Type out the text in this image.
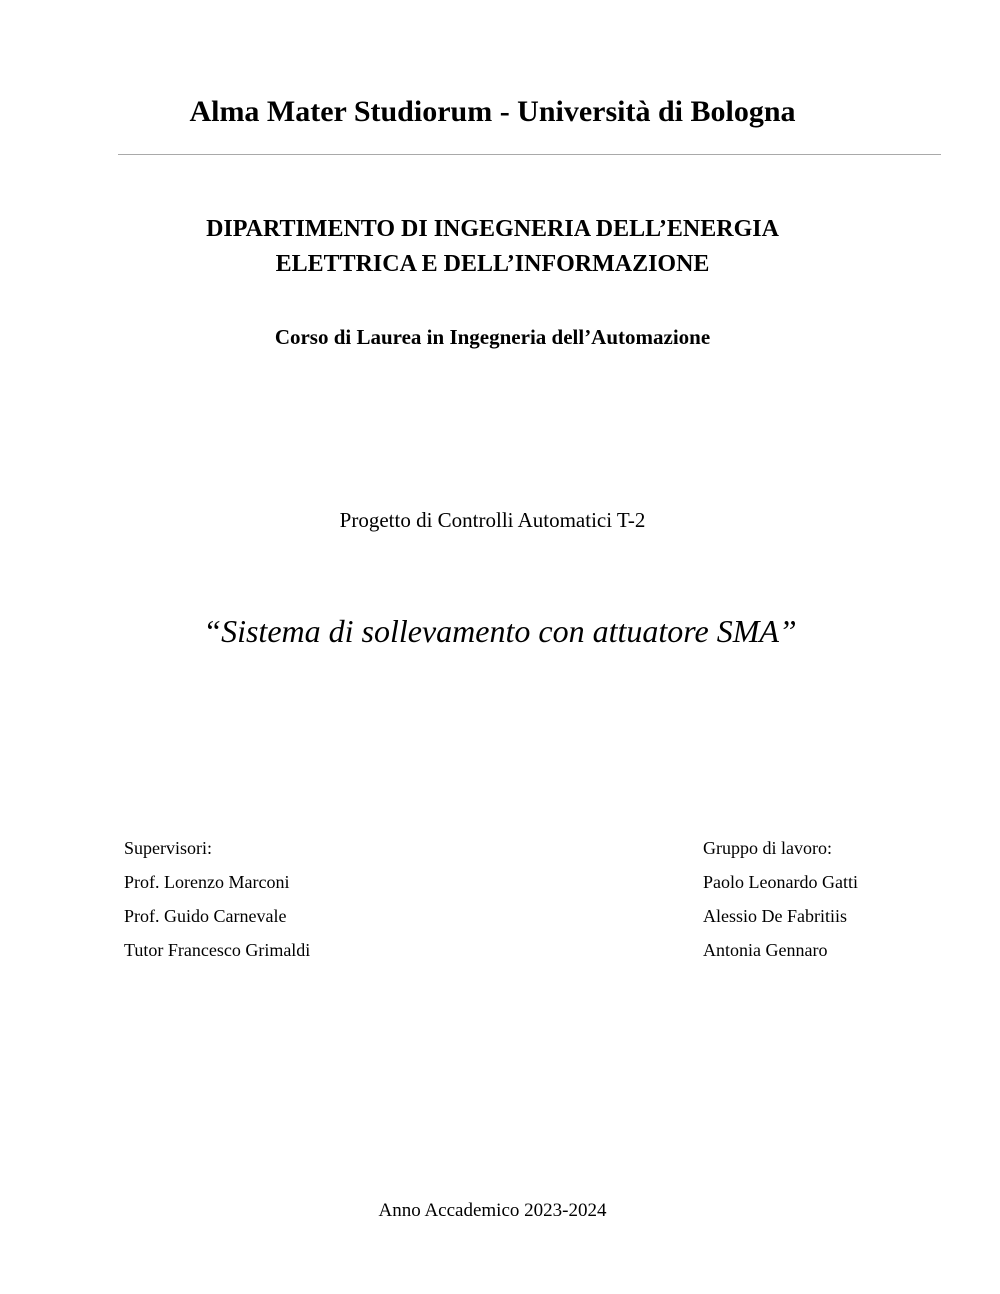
Alma Mater Studiorum - Università di Bologna
DIPARTIMENTO DI INGEGNERIA DELL’ENERGIA
ELETTRICA E DELL’INFORMAZIONE
Corso di Laurea in Ingegneria dell’Automazione
Progetto di Controlli Automatici T-2
“Sistema di sollevamento con attuatore SMA”
Supervisori:
Prof. Lorenzo Marconi
Prof. Guido Carnevale
Tutor Francesco Grimaldi
Gruppo di lavoro:
Paolo Leonardo Gatti
Alessio De Fabritiis
Antonia Gennaro
Anno Accademico 2023-2024
